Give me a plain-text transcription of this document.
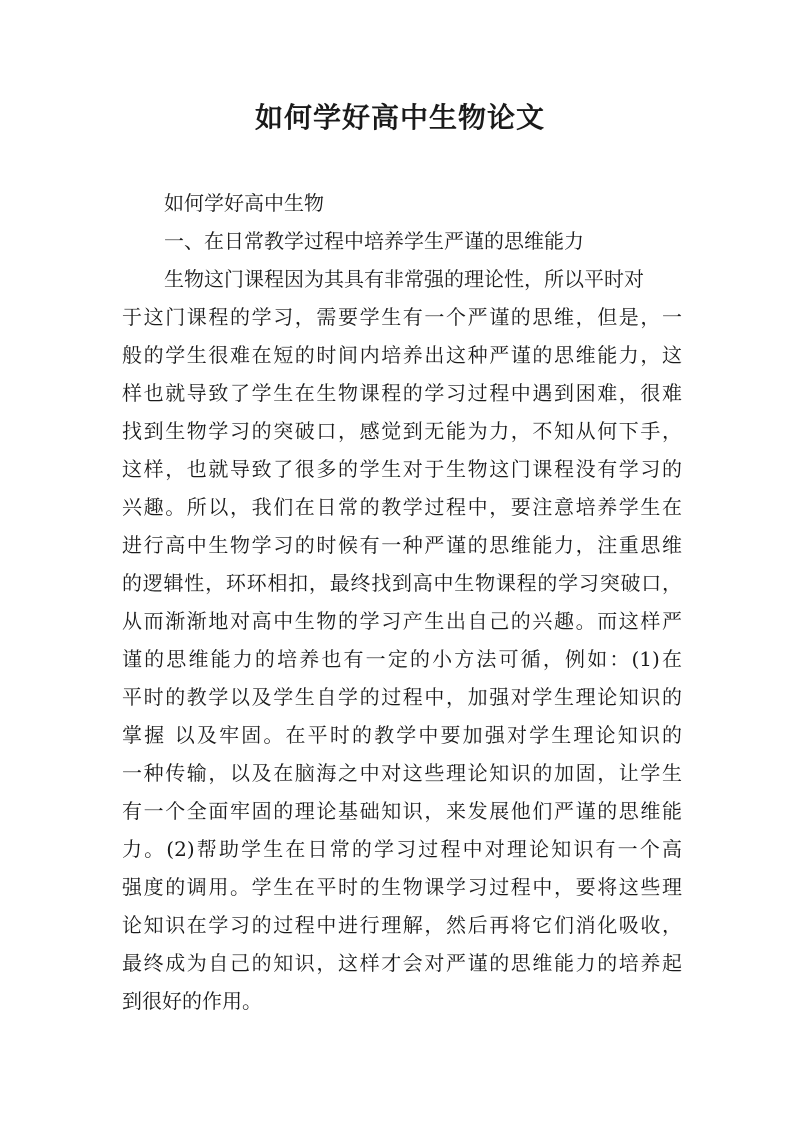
如何学好高中生物论文
如何学好高中生物
一、在日常教学过程中培养学生严谨的思维能力
生物这门课程因为其具有非常强的理论性，所以平时对
于这门课程的学习，需要学生有一个严谨的思维，但是，一
般的学生很难在短的时间内培养出这种严谨的思维能力，这
样也就导致了学生在生物课程的学习过程中遇到困难，很难
找到生物学习的突破口，感觉到无能为力，不知从何下手，
这样，也就导致了很多的学生对于生物这门课程没有学习的
兴趣。所以，我们在日常的教学过程中，要注意培养学生在
进行高中生物学习的时候有一种严谨的思维能力，注重思维
的逻辑性，环环相扣，最终找到高中生物课程的学习突破口，
从而渐渐地对高中生物的学习产生出自己的兴趣。而这样严
谨的思维能力的培养也有一定的小方法可循，例如：(1)在
平时的教学以及学生自学的过程中，加强对学生理论知识的
掌握 以及牢固。在平时的教学中要加强对学生理论知识的
一种传输，以及在脑海之中对这些理论知识的加固，让学生
有一个全面牢固的理论基础知识，来发展他们严谨的思维能
力。(2)帮助学生在日常的学习过程中对理论知识有一个高
强度的调用。学生在平时的生物课学习过程中，要将这些理
论知识在学习的过程中进行理解，然后再将它们消化吸收，
最终成为自己的知识，这样才会对严谨的思维能力的培养起
到很好的作用。
